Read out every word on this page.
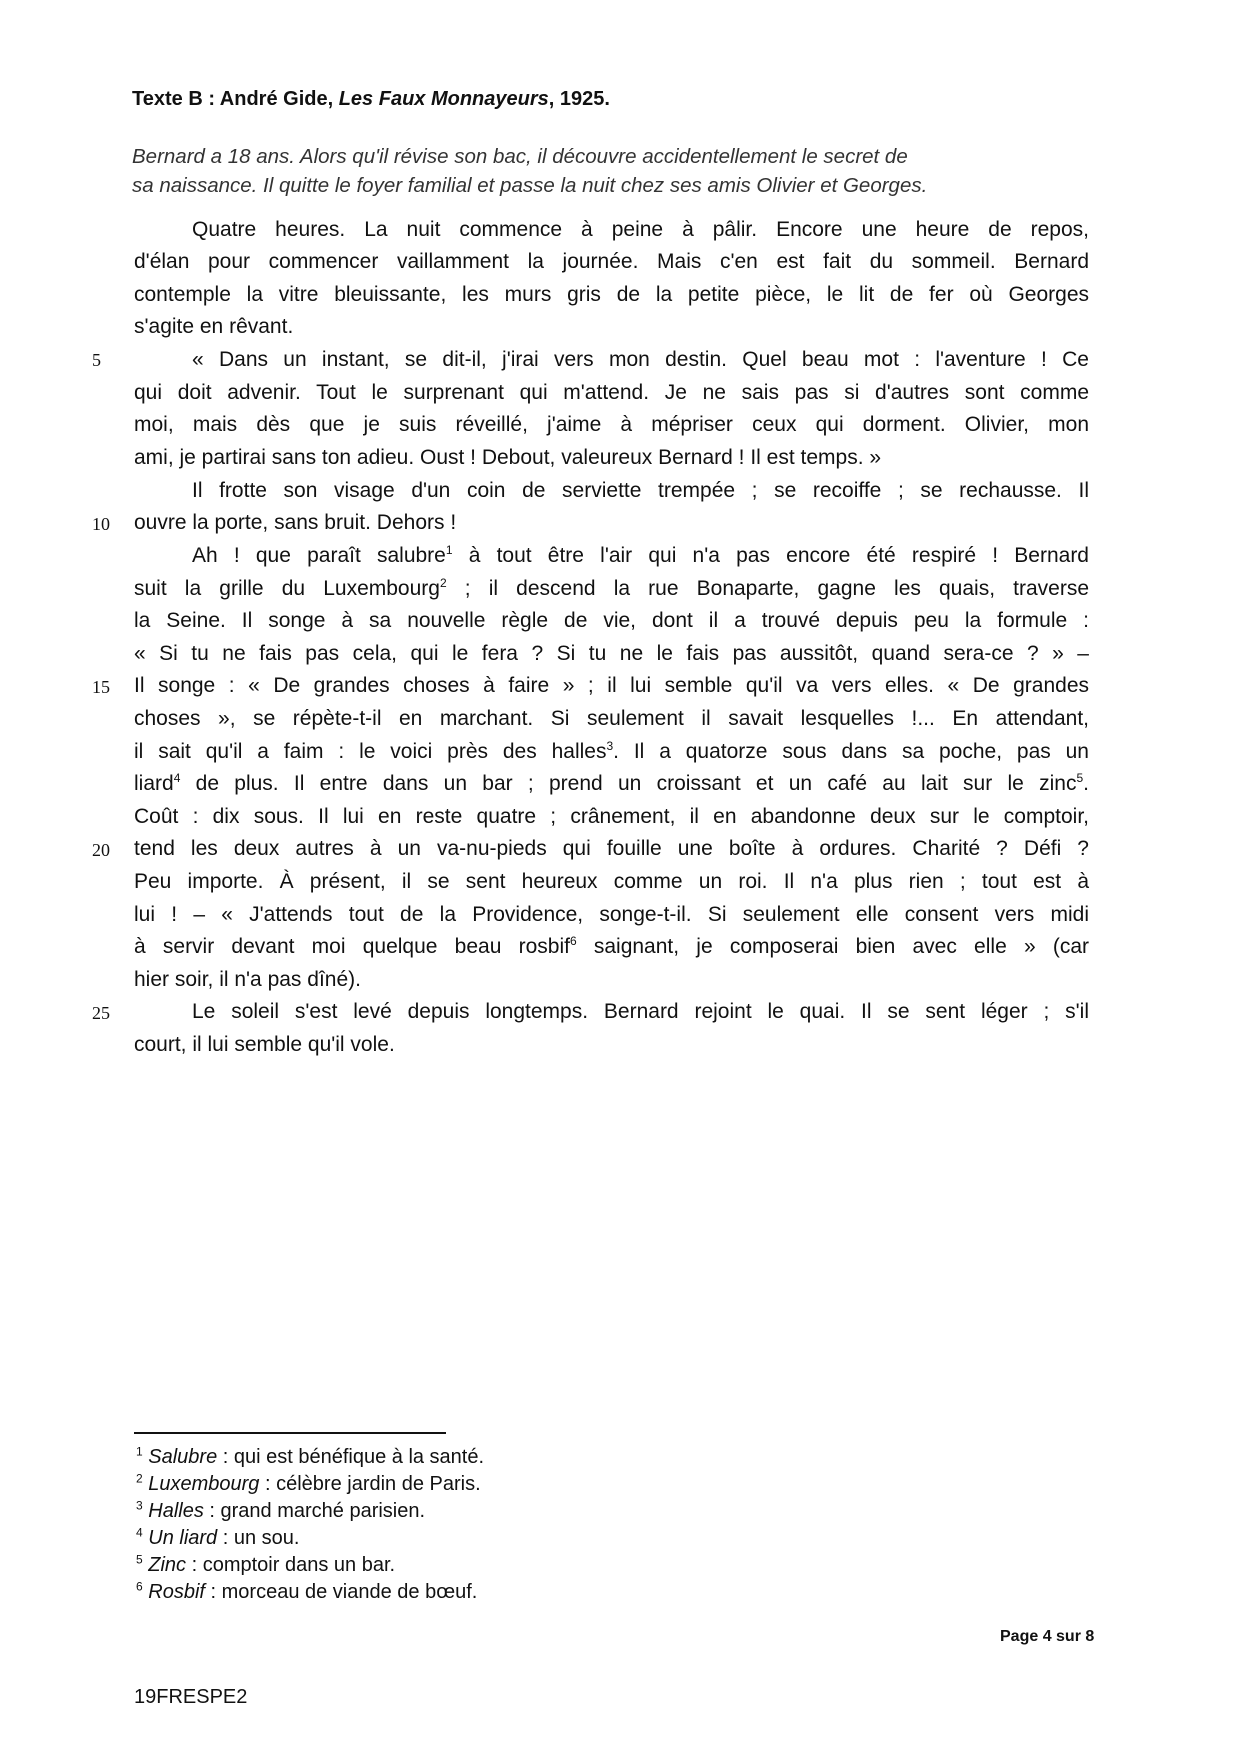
Texte B : André Gide, Les Faux Monnayeurs, 1925.
Bernard a 18 ans. Alors qu'il révise son bac, il découvre accidentellement le secret de
sa naissance. Il quitte le foyer familial et passe la nuit chez ses amis Olivier et Georges.
Quatre heures. La nuit commence à peine à pâlir. Encore une heure de repos,
d'élan pour commencer vaillamment la journée. Mais c'en est fait du sommeil. Bernard
contemple la vitre bleuissante, les murs gris de la petite pièce, le lit de fer où Georges
s'agite en rêvant.
5	« Dans un instant, se dit-il, j'irai vers mon destin. Quel beau mot : l'aventure ! Ce
qui doit advenir. Tout le surprenant qui m'attend. Je ne sais pas si d'autres sont comme
moi, mais dès que je suis réveillé, j'aime à mépriser ceux qui dorment. Olivier, mon
ami, je partirai sans ton adieu. Oust ! Debout, valeureux Bernard ! Il est temps. »
Il frotte son visage d'un coin de serviette trempée ; se recoiffe ; se rechausse. Il
10 ouvre la porte, sans bruit. Dehors !
Ah ! que paraît salubre$^1$ à tout être l'air qui n'a pas encore été respiré ! Bernard
suit la grille du Luxembourg$^2$ ; il descend la rue Bonaparte, gagne les quais, traverse
la Seine. Il songe à sa nouvelle règle de vie, dont il a trouvé depuis peu la formule :
« Si tu ne fais pas cela, qui le fera ? Si tu ne le fais pas aussitôt, quand sera-ce ? » –
15 Il songe : « De grandes choses à faire » ; il lui semble qu'il va vers elles. « De grandes
choses », se répète-t-il en marchant. Si seulement il savait lesquelles !... En attendant,
il sait qu'il a faim : le voici près des halles$^3$. Il a quatorze sous dans sa poche, pas un
liard$^4$ de plus. Il entre dans un bar ; prend un croissant et un café au lait sur le zinc$^5$.
Coût : dix sous. Il lui en reste quatre ; crânement, il en abandonne deux sur le comptoir,
20 tend les deux autres à un va-nu-pieds qui fouille une boîte à ordures. Charité ? Défi ?
Peu importe. À présent, il se sent heureux comme un roi. Il n'a plus rien ; tout est à
lui ! – « J'attends tout de la Providence, songe-t-il. Si seulement elle consent vers midi
à servir devant moi quelque beau rosbif$^6$ saignant, je composerai bien avec elle » (car
hier soir, il n'a pas dîné).
25	Le soleil s'est levé depuis longtemps. Bernard rejoint le quai. Il se sent léger ; s'il
court, il lui semble qu'il vole.
$^1$ Salubre : qui est bénéfique à la santé.
$^2$ Luxembourg : célèbre jardin de Paris.
$^3$ Halles : grand marché parisien.
$^4$ Un liard : un sou.
$^5$ Zinc : comptoir dans un bar.
$^6$ Rosbif : morceau de viande de bœuf.
Page 4 sur 8
19FRESPE2
